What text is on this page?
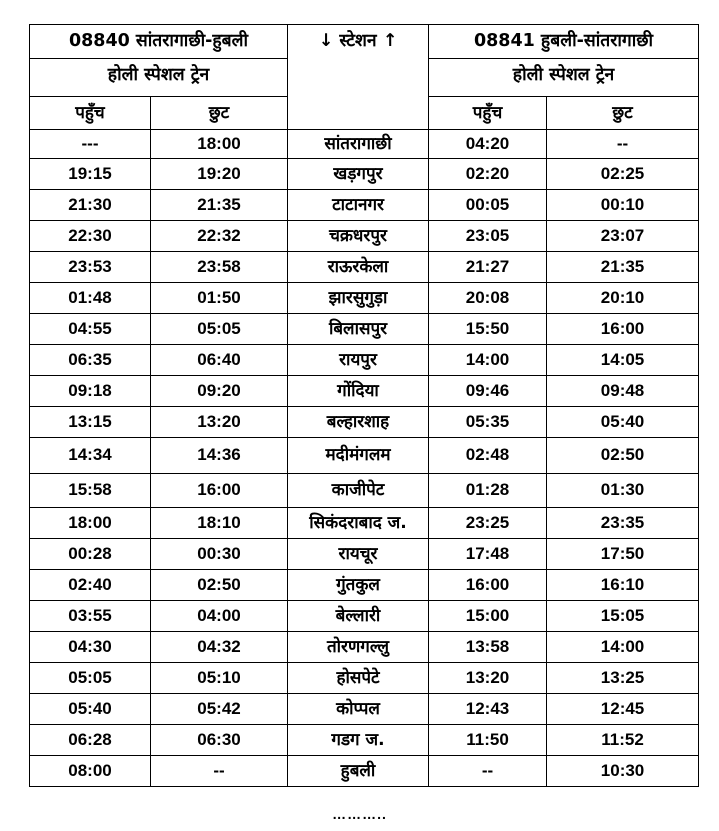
08840 सांतरागाछी-हुबली		↓ स्टेशन ↑	08841 हुबली-सांतरागाछी	
होली स्पेशल ट्रेन			होली स्पेशल ट्रेन	
पहुँच	छुट		पहुँच	छुट
---	18:00	सांतरागाछी	04:20	--
19:15	19:20	खड़गपुर	02:20	02:25
21:30	21:35	टाटानगर	00:05	00:10
22:30	22:32	चक्रधरपुर	23:05	23:07
23:53	23:58	राऊरकेला	21:27	21:35
01:48	01:50	झारसुगुड़ा	20:08	20:10
04:55	05:05	बिलासपुर	15:50	16:00
06:35	06:40	रायपुर	14:00	14:05
09:18	09:20	गोंदिया	09:46	09:48
13:15	13:20	बल्हारशाह	05:35	05:40
14:34	14:36	मदीमंगलम	02:48	02:50
15:58	16:00	काजीपेट	01:28	01:30
18:00	18:10	सिकंदराबाद ज.	23:25	23:35
00:28	00:30	रायचूर	17:48	17:50
02:40	02:50	गुंतकुल	16:00	16:10
03:55	04:00	बेल्लारी	15:00	15:05
04:30	04:32	तोरणगल्लु	13:58	14:00
05:05	05:10	होसपेटे	13:20	13:25
05:40	05:42	कोप्पल	12:43	12:45
06:28	06:30	गडग ज.	11:50	11:52
08:00	--	हुबली	--	10:30
………..
